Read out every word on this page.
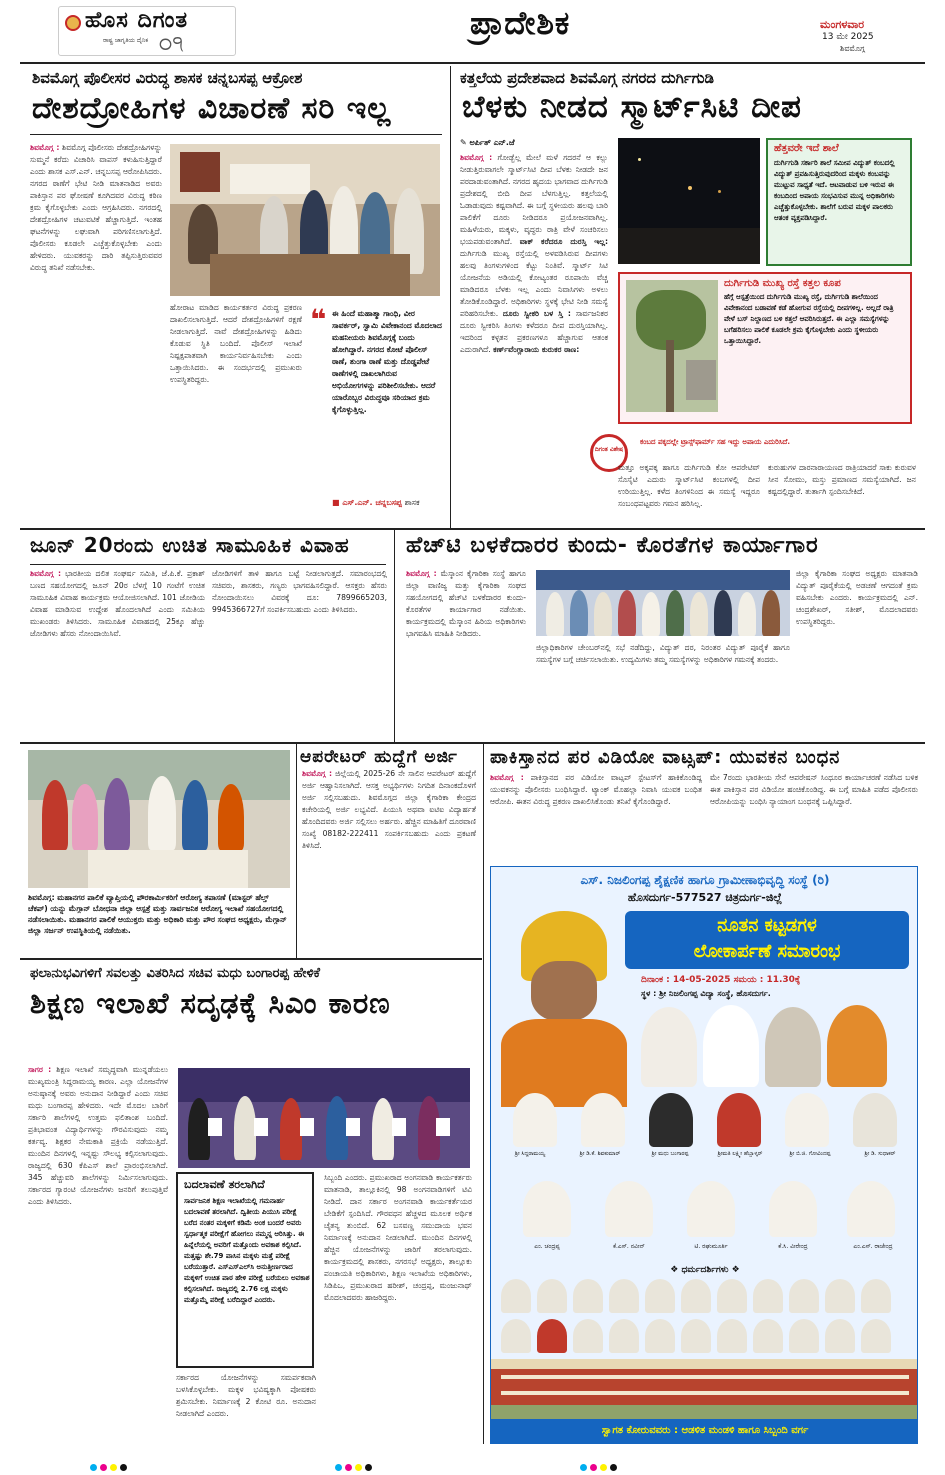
ಹೊಸ ದಿಗಂತ
ರಾಷ್ಟ್ರ ಜಾಗೃತಿಯ ದೈನಿಕ ੦੧
ಪ್ರಾದೇಶಿಕ	ಮಂಗಳವಾರ
13 ಮೇ 2025
ಶಿವಮೊಗ್ಗ
ಶಿವಮೊಗ್ಗ ಪೊಲೀಸರ ವಿರುದ್ಧ ಶಾಸಕ ಚನ್ನಬಸಪ್ಪ ಆಕ್ರೋಶ
ದೇಶದ್ರೋಹಿಗಳ ವಿಚಾರಣೆ ಸರಿ ಇಲ್ಲ
ಶಿವಮೊಗ್ಗ : ಶಿವಮೊಗ್ಗ ಪೊಲೀಸರು ದೇಶದ್ರೋಹಿಗಳನ್ನು ಸುಮ್ಮನೆ ಕರೆದು ವಿಚಾರಿಸಿ ವಾಪಸ್ ಕಳುಹಿಸುತ್ತಿದ್ದಾರೆ ಎಂದು ಶಾಸಕ ಎಸ್.ಎನ್. ಚನ್ನಬಸಪ್ಪ ಆರೋಪಿಸಿದರು. ನಗರದ ಠಾಣೆಗೆ ಭೇಟಿ ನೀಡಿ ಮಾತನಾಡಿದ ಅವರು ಪಾಕಿಸ್ತಾನ ಪರ ಘೋಷಣೆ ಕೂಗಿದವರ ವಿರುದ್ಧ ಕಠಿಣ ಕ್ರಮ ಕೈಗೊಳ್ಳಬೇಕು ಎಂದು ಆಗ್ರಹಿಸಿದರು. ನಗರದಲ್ಲಿ ದೇಶದ್ರೋಹಿಗಳ ಚಟುವಟಿಕೆ ಹೆಚ್ಚಾಗುತ್ತಿದೆ. ಇಂತಹ ಘಟನೆಗಳನ್ನು ಲಘುವಾಗಿ ಪರಿಗಣಿಸಲಾಗುತ್ತಿದೆ. ಪೊಲೀಸರು ಕೂಡಲೇ ಎಚ್ಚೆತ್ತುಕೊಳ್ಳಬೇಕು ಎಂದು ಹೇಳಿದರು. ಯುವಕರನ್ನು ದಾರಿ ತಪ್ಪಿಸುತ್ತಿರುವವರ ವಿರುದ್ಧ ತನಿಖೆ ನಡೆಸಬೇಕು.
ಹೋರಾಟ ಮಾಡಿದ ಕಾರ್ಯಕರ್ತರ ವಿರುದ್ಧ ಪ್ರಕರಣ ದಾಖಲಿಸಲಾಗುತ್ತಿದೆ. ಆದರೆ ದೇಶದ್ರೋಹಿಗಳಿಗೆ ರಕ್ಷಣೆ ನೀಡಲಾಗುತ್ತಿದೆ. ನಾವೆ ದೇಶದ್ರೋಹಿಗಳನ್ನು ಹಿಡಿದು ಕೊಡುವ ಸ್ಥಿತಿ ಬಂದಿದೆ. ಪೊಲೀಸ್ ಇಲಾಖೆ ನಿಷ್ಪಕ್ಷಪಾತವಾಗಿ ಕಾರ್ಯನಿರ್ವಹಿಸಬೇಕು ಎಂದು ಒತ್ತಾಯಿಸಿದರು. ಈ ಸಂದರ್ಭದಲ್ಲಿ ಪ್ರಮುಖರು ಉಪಸ್ಥಿತರಿದ್ದರು.
❝ ಈ ಹಿಂದೆ ಮಹಾತ್ಮಾ ಗಾಂಧಿ, ವೀರ ಸಾವರ್ಕರ್, ಸ್ವಾಮಿ ವಿವೇಕಾನಂದ ಮೊದಲಾದ ಮಹನೀಯರು ಶಿವಮೊಗ್ಗಕ್ಕೆ ಬಂದು ಹೋಗಿದ್ದಾರೆ. ನಗರದ ಕೋಟೆ ಪೊಲೀಸ್ ಠಾಣೆ, ತುಂಗಾ ಠಾಣೆ ಮತ್ತು ದೊಡ್ಡಪೇಟೆ ಠಾಣೆಗಳಲ್ಲಿ ದಾಖಲಾಗಿರುವ ಅಭಿಯೋಗಗಳನ್ನು ಪರಿಶೀಲಿಸಬೇಕು. ಆದರೆ ಯಾರೊಬ್ಬರ ವಿರುದ್ಧವೂ ಸರಿಯಾದ ಕ್ರಮ ಕೈಗೊಳ್ಳುತ್ತಿಲ್ಲ.
■ ಎಸ್.ಎನ್. ಚನ್ನಬಸಪ್ಪ ಶಾಸಕ
ಕತ್ತಲೆಯ ಪ್ರದೇಶವಾದ ಶಿವಮೊಗ್ಗ ನಗರದ ದುರ್ಗಿಗುಡಿ
ಬೆಳಕು ನೀಡದ ಸ್ಮಾರ್ಟ್‌ಸಿಟಿ ದೀಪ
✎ ಅರ್ಪಿತ್ ಎನ್.ಜೆ
ಶಿವಮೊಗ್ಗ : ಗೋಡ್ಬೆಲ್ಲ ಮೇಲೆ ಮಳೆ ಗದರನೆ ಆ ಕಲ್ಲು ನೀಡುತ್ತಿರುವಾಗಲೇ ಸ್ಮಾರ್ಟ್‌ಸಿಟಿ ದೀಪ ಬೆಳಕು ನೀಡದೇ ಜನ ಪರದಾಡುವಂತಾಗಿದೆ. ನಗರದ ಹೃದಯ ಭಾಗವಾದ ದುರ್ಗಿಗುಡಿ ಪ್ರದೇಶದಲ್ಲಿ ಬೀದಿ ದೀಪ ಬೆಳಗುತ್ತಿಲ್ಲ. ಕತ್ತಲೆಯಲ್ಲಿ ಓಡಾಡುವುದು ಕಷ್ಟವಾಗಿದೆ. ಈ ಬಗ್ಗೆ ಸ್ಥಳೀಯರು ಹಲವು ಬಾರಿ ಪಾಲಿಕೆಗೆ ದೂರು ನೀಡಿದರೂ ಪ್ರಯೋಜನವಾಗಿಲ್ಲ. ಮಹಿಳೆಯರು, ಮಕ್ಕಳು, ವೃದ್ಧರು ರಾತ್ರಿ ವೇಳೆ ಸಂಚರಿಸಲು ಭಯಪಡುವಂತಾಗಿದೆ. ವಾಕ್ ಕರೆದರೂ ದುರಸ್ತಿ ಇಲ್ಲ: ದುರ್ಗಿಗುಡಿ ಮುಖ್ಯ ರಸ್ತೆಯಲ್ಲಿ ಅಳವಡಿಸಿರುವ ದೀಪಗಳು ಹಲವು ತಿಂಗಳುಗಳಿಂದ ಕೆಟ್ಟು ನಿಂತಿವೆ. ಸ್ಮಾರ್ಟ್ ಸಿಟಿ ಯೋಜನೆಯ ಅಡಿಯಲ್ಲಿ ಕೋಟ್ಯಂತರ ರೂಪಾಯಿ ವೆಚ್ಚ ಮಾಡಿದರೂ ಬೆಳಕು ಇಲ್ಲ ಎಂದು ನಿವಾಸಿಗಳು ಅಳಲು ತೋಡಿಕೊಂಡಿದ್ದಾರೆ. ಅಧಿಕಾರಿಗಳು ಸ್ಥಳಕ್ಕೆ ಭೇಟಿ ನೀಡಿ ಸಮಸ್ಯೆ ಪರಿಹರಿಸಬೇಕು. ದೂರು ಸ್ವೀಕರಿ ಬಳ ಸ್ತಿ : ಸಾರ್ವಜನಿಕರ ದೂರು ಸ್ವೀಕರಿಸಿ ತಿಂಗಳು ಕಳೆದರೂ ದೀಪ ದುರಸ್ತಿಯಾಗಿಲ್ಲ. ಇದರಿಂದ ಕಳ್ಳತನ ಪ್ರಕರಣಗಳೂ ಹೆಚ್ಚಾಗುವ ಆತಂಕ ಎದುರಾಗಿದೆ. ಕರ್ಣ್‌ವೆಂಗ್ಲಾರಾಯ ಕುರುಕರ ಠಾಣ:
ಹೆತ್ತವರೇ ಇದೆ ಶಾಲೆ
ದುರ್ಗಿಗುಡಿ ಸರ್ಕಾರಿ ಶಾಲೆ ಸಮೀಪ ವಿದ್ಯುತ್ ಕಂಬದಲ್ಲಿ ವಿದ್ಯುತ್ ಪ್ರವಹಿಸುತ್ತಿರುವುದರಿಂದ ಮಕ್ಕಳು ಕಂಬವನ್ನು ಮುಟ್ಟುವ ಸಾಧ್ಯತೆ ಇದೆ. ಆಟವಾಡುವ ಬಳಿ ಇರುವ ಈ ಕಂಬದಿಂದ ಅಪಾಯ ಸಂಭವಿಸುವ ಮುನ್ನ ಅಧಿಕಾರಿಗಳು ಎಚ್ಚೆತ್ತುಕೊಳ್ಳಬೇಕು. ಶಾಲೆಗೆ ಬರುವ ಮಕ್ಕಳ ಪಾಲಕರು ಆತಂಕ ವ್ಯಕ್ತಪಡಿಸಿದ್ದಾರೆ.
ದುರ್ಗಿಗುಡಿ ಮುಖ್ಯ ರಸ್ತೆ ಕತ್ತಲ ಕೂಪ
ಹೆಗ್ಗೆ ಆಸ್ಪತ್ರೆಯಿಂದ ದುರ್ಗಿಗುಡಿ ಮುಖ್ಯ ರಸ್ತೆ, ದುರ್ಗಿಗುಡಿ ಶಾಲೆಯಿಂದ ವಿವೇಕಾನಂದ ಬಡಾವಣೆ ಕಡೆ ಹೋಗುವ ರಸ್ತೆಯಲ್ಲಿ ದೀಪಗಳಿಲ್ಲ. ಅಲ್ಲದೆ ರಾತ್ರಿ ವೇಳೆ ಬಸ್ ನಿಲ್ದಾಣದ ಬಳಿ ಕತ್ತಲೆ ಆವರಿಸಿರುತ್ತದೆ. ಈ ಎಲ್ಲಾ ಸಮಸ್ಯೆಗಳನ್ನು ಬಗೆಹರಿಸಲು ಪಾಲಿಕೆ ಕೂಡಲೇ ಕ್ರಮ ಕೈಗೊಳ್ಳಬೇಕು ಎಂದು ಸ್ಥಳೀಯರು ಒತ್ತಾಯಿಸಿದ್ದಾರೆ.
ದಿಗಂತ ವಿಶೇಷ
ಕಂಬದ ಪಕ್ಕದಲ್ಲೇ ಟ್ರಾನ್ಸ್‌ಫಾರ್ಮ್ ಸಹ ಇದ್ದು ಅಪಾಯ ಎದುರಿಸಿದೆ.
ಮತ್ತೂ ಅಕ್ಕಪಕ್ಕ ಹಾಗೂ ದುರ್ಗಿಗುಡಿ ಕೋ ಆಪರೇಟಿವ್ ಸೊಸೈಟಿ ಎದುರು ಸ್ಮಾರ್ಟ್‌ಸಿಟಿ ಕಂಬಗಳಲ್ಲಿ ದೀಪ ಉರಿಯುತ್ತಿಲ್ಲ. ಕಳೆದ ತಿಂಗಳಿನಿಂದ ಈ ಸಮಸ್ಯೆ ಇದ್ದರೂ ಸಂಬಂಧಪಟ್ಟವರು ಗಮನ ಹರಿಸಿಲ್ಲ.
ಕುರುಹುಗಳ ದಾರನಾರಾಯಣದ ರಾತ್ರಿಯಾದರೆ ಸಾಕು ಕುರುವಳ ಸೀನ ಸೋಮು, ಮಸ್ತು ಪ್ರಮಾಣದ ಸಮಸ್ಯೆಯಾಗಿದೆ. ಜನ ಕಷ್ಟದಲ್ಲಿದ್ದಾರೆ. ತುರ್ತಾಗಿ ಸ್ಪಂದಿಸಬೇಕಿದೆ.
ಜೂನ್ 20ರಂದು ಉಚಿತ ಸಾಮೂಹಿಕ ವಿವಾಹ
ಶಿವಮೊಗ್ಗ : ಭಾರತೀಯ ದಲಿತ ಸಂಘರ್ಷ ಸಮಿತಿ, ಜೆ.ಪಿ.ಕೆ. ಪ್ರಕಾಶ್ ಬಣದ ಸಹಯೋಗದಲ್ಲಿ ಜೂನ್ 20ರ ಬೆಳಗ್ಗೆ 10 ಗಂಟೆಗೆ ಉಚಿತ ಸಾಮೂಹಿಕ ವಿವಾಹ ಕಾರ್ಯಕ್ರಮ ಆಯೋಜಿಸಲಾಗಿದೆ. 101 ಜೋಡಿಯ ವಿವಾಹ ಮಾಡಿಸುವ ಉದ್ದೇಶ ಹೊಂದಲಾಗಿದೆ ಎಂದು ಸಮಿತಿಯ ಮುಖಂಡರು ತಿಳಿಸಿದರು. ಸಾಮೂಹಿಕ ವಿವಾಹದಲ್ಲಿ 25ಕ್ಕೂ ಹೆಚ್ಚು ಜೋಡಿಗಳು ಹೆಸರು ನೋಂದಾಯಿಸಿವೆ.
ಜೋಡಿಗಳಿಗೆ ತಾಳಿ ಹಾಗೂ ಬಟ್ಟೆ ನೀಡಲಾಗುತ್ತದೆ. ಸಮಾರಂಭದಲ್ಲಿ ಸಚಿವರು, ಶಾಸಕರು, ಗಣ್ಯರು ಭಾಗವಹಿಸಲಿದ್ದಾರೆ. ಆಸಕ್ತರು ಹೆಸರು ನೋಂದಾಯಿಸಲು ವಿವರಕ್ಕೆ ದೂ: 7899665203, 9945366727ಗೆ ಸಂಪರ್ಕಿಸಬಹುದು ಎಂದು ತಿಳಿಸಿದರು.
ಹೆಚ್‌ಟಿ ಬಳಕೆದಾರರ ಕುಂದು- ಕೊರತೆಗಳ ಕಾರ್ಯಾಗಾರ
ಶಿವಮೊಗ್ಗ : ಮೆಸ್ಕಾಂನ ಕೈಗಾರಿಕಾ ಸಂಸ್ಥೆ ಹಾಗೂ ಜಿಲ್ಲಾ ವಾಣಿಜ್ಯ ಮತ್ತು ಕೈಗಾರಿಕಾ ಸಂಘದ ಸಹಯೋಗದಲ್ಲಿ ಹೆಚ್‌ಟಿ ಬಳಕೆದಾರರ ಕುಂದು- ಕೊರತೆಗಳ ಕಾರ್ಯಾಗಾರ ನಡೆಯಿತು. ಕಾರ್ಯಕ್ರಮದಲ್ಲಿ ಮೆಸ್ಕಾಂನ ಹಿರಿಯ ಅಧಿಕಾರಿಗಳು ಭಾಗವಹಿಸಿ ಮಾಹಿತಿ ನೀಡಿದರು.
ಜಿಲ್ಲಾಧಿಕಾರಿಗಳ ಚೇಂಬರ್‌ನಲ್ಲಿ ಸಭೆ ನಡೆದಿದ್ದು, ವಿದ್ಯುತ್ ದರ, ನಿರಂತರ ವಿದ್ಯುತ್ ಪೂರೈಕೆ ಹಾಗೂ ಸಮಸ್ಯೆಗಳ ಬಗ್ಗೆ ಚರ್ಚಿಸಲಾಯಿತು. ಉದ್ಯಮಿಗಳು ತಮ್ಮ ಸಮಸ್ಯೆಗಳನ್ನು ಅಧಿಕಾರಿಗಳ ಗಮನಕ್ಕೆ ತಂದರು.
ಜಿಲ್ಲಾ ಕೈಗಾರಿಕಾ ಸಂಘದ ಅಧ್ಯಕ್ಷರು ಮಾತನಾಡಿ ವಿದ್ಯುತ್ ಪೂರೈಕೆಯಲ್ಲಿ ಅಡಚಣೆ ಆಗದಂತೆ ಕ್ರಮ ವಹಿಸಬೇಕು ಎಂದರು. ಕಾರ್ಯಕ್ರಮದಲ್ಲಿ ಎನ್. ಚಂದ್ರಶೇಖರ್, ಸತೀಶ್, ಮೊದಲಾದವರು ಉಪಸ್ಥಿತರಿದ್ದರು.
ಶಿವಮೊಗ್ಗ: ಮಹಾನಗರ ಪಾಲಿಕೆ ವ್ಯಾಪ್ತಿಯಲ್ಲಿ ಪೌರಕಾರ್ಮಿಕರಿಗೆ ಆರೋಗ್ಯ ತಪಾಸಣೆ (ಮಾಸ್ಟರ್ ಹೆಲ್ತ್ ಚೆಕಪ್) ಯನ್ನು ಮೆಗ್ಗಾನ್ ಬೋಧನಾ ಜಿಲ್ಲಾ ಆಸ್ಪತ್ರೆ ಮತ್ತು ಸಾರ್ವಜನಿಕ ಆರೋಗ್ಯ ಇಲಾಖೆ ಸಹಯೋಗದಲ್ಲಿ ನಡೆಸಲಾಯಿತು. ಮಹಾನಗರ ಪಾಲಿಕೆ ಆಯುಕ್ತರು ಮತ್ತು ಅಧಿಕಾರಿ ಮತ್ತು ಪೌರ ಸಂಘದ ಅಧ್ಯಕ್ಷರು, ಮೆಗ್ಗಾನ್ ಜಿಲ್ಲಾ ಸರ್ಜನ್ ಉಪಸ್ಥಿತಿಯಲ್ಲಿ ನಡೆಯಿತು.
ಆಪರೇಟರ್ ಹುದ್ದೆಗೆ ಅರ್ಜಿ
ಶಿವಮೊಗ್ಗ : ಜಿಲ್ಲೆಯಲ್ಲಿ 2025-26 ನೇ ಸಾಲಿನ ಆಪರೇಟರ್ ಹುದ್ದೆಗೆ ಅರ್ಜಿ ಆಹ್ವಾನಿಸಲಾಗಿದೆ. ಆಸಕ್ತ ಅಭ್ಯರ್ಥಿಗಳು ನಿಗದಿತ ದಿನಾಂಕದೊಳಗೆ ಅರ್ಜಿ ಸಲ್ಲಿಸಬಹುದು. ಶಿವಮೊಗ್ಗದ ಜಿಲ್ಲಾ ಕೈಗಾರಿಕಾ ಕೇಂದ್ರದ ಕಚೇರಿಯಲ್ಲಿ ಅರ್ಜಿ ಲಭ್ಯವಿದೆ. ಪಿಯುಸಿ ಅಥವಾ ಐಟಿಐ ವಿದ್ಯಾರ್ಹತೆ ಹೊಂದಿದವರು ಅರ್ಜಿ ಸಲ್ಲಿಸಲು ಅರ್ಹರು. ಹೆಚ್ಚಿನ ಮಾಹಿತಿಗೆ ದೂರವಾಣಿ ಸಂಖ್ಯೆ 08182-222411 ಸಂಪರ್ಕಿಸಬಹುದು ಎಂದು ಪ್ರಕಟಣೆ ತಿಳಿಸಿದೆ.
ಪಾಕಿಸ್ತಾನದ ಪರ ವಿಡಿಯೋ ವಾಟ್ಸಪ್: ಯುವಕನ ಬಂಧನ
ಶಿವಮೊಗ್ಗ : ಪಾಕಿಸ್ತಾನದ ಪರ ವಿಡಿಯೋ ವಾಟ್ಸಪ್ ಸ್ಟೇಟಸ್‌ಗೆ ಹಾಕಿಕೊಂಡಿದ್ದ ಯುವಕನನ್ನು ಪೊಲೀಸರು ಬಂಧಿಸಿದ್ದಾರೆ. ಟ್ಯಾಂಕ್ ಮೊಹಲ್ಲಾ ನಿವಾಸಿ ಯುವಕ ಬಂಧಿತ ಆರೋಪಿ. ಈತನ ವಿರುದ್ಧ ಪ್ರಕರಣ ದಾಖಲಿಸಿಕೊಂಡು ತನಿಖೆ ಕೈಗೊಂಡಿದ್ದಾರೆ.
ಮೇ 7ರಂದು ಭಾರತೀಯ ಸೇನೆ ಆಪರೇಷನ್ ಸಿಂಧೂರ ಕಾರ್ಯಾಚರಣೆ ನಡೆಸಿದ ಬಳಿಕ ಈತ ಪಾಕಿಸ್ತಾನ ಪರ ವಿಡಿಯೋ ಹಂಚಿಕೊಂಡಿದ್ದ. ಈ ಬಗ್ಗೆ ಮಾಹಿತಿ ಪಡೆದ ಪೊಲೀಸರು ಆರೋಪಿಯನ್ನು ಬಂಧಿಸಿ ನ್ಯಾಯಾಂಗ ಬಂಧನಕ್ಕೆ ಒಪ್ಪಿಸಿದ್ದಾರೆ.
ಫಲಾನುಭವಿಗಳಿಗೆ ಸವಲತ್ತು ವಿತರಿಸಿದ ಸಚಿವ ಮಧು ಬಂಗಾರಪ್ಪ ಹೇಳಿಕೆ
ಶಿಕ್ಷಣ ಇಲಾಖೆ ಸದೃಢಕ್ಕೆ ಸಿಎಂ ಕಾರಣ
ಸಾಗರ : ಶಿಕ್ಷಣ ಇಲಾಖೆ ಸಮೃದ್ಧವಾಗಿ ಮುನ್ನಡೆಯಲು ಮುಖ್ಯಮಂತ್ರಿ ಸಿದ್ದರಾಮಯ್ಯ ಕಾರಣ. ಎಲ್ಲಾ ಯೋಜನೆಗಳ ಅನುಷ್ಠಾನಕ್ಕೆ ಅವರು ಅನುದಾನ ನೀಡಿದ್ದಾರೆ ಎಂದು ಸಚಿವ ಮಧು ಬಂಗಾರಪ್ಪ ಹೇಳಿದರು. ಇದೇ ಮೊದಲ ಬಾರಿಗೆ ಸರ್ಕಾರಿ ಶಾಲೆಗಳಲ್ಲಿ ಉತ್ತಮ ಫಲಿತಾಂಶ ಬಂದಿದೆ. ಪ್ರತಿಭಾವಂತ ವಿದ್ಯಾರ್ಥಿಗಳನ್ನು ಗೌರವಿಸುವುದು ನಮ್ಮ ಕರ್ತವ್ಯ. ಶಿಕ್ಷಕರ ನೇಮಕಾತಿ ಪ್ರಕ್ರಿಯೆ ನಡೆಯುತ್ತಿದೆ. ಮುಂದಿನ ದಿನಗಳಲ್ಲಿ ಇನ್ನಷ್ಟು ಸೌಲಭ್ಯ ಕಲ್ಪಿಸಲಾಗುವುದು. ರಾಜ್ಯದಲ್ಲಿ 630 ಕೆಪಿಎಸ್ ಶಾಲೆ ಪ್ರಾರಂಭಿಸಲಾಗಿದೆ. 345 ಹೆಚ್ಚುವರಿ ಶಾಲೆಗಳನ್ನು ನಿರ್ಮಿಸಲಾಗುವುದು. ಸರ್ಕಾರದ ಗ್ಯಾರಂಟಿ ಯೋಜನೆಗಳು ಜನರಿಗೆ ತಲುಪುತ್ತಿವೆ ಎಂದು ತಿಳಿಸಿದರು.
ಬದಲಾವಣೆ ತರಲಾಗಿದೆ
ಸಾರ್ವಜನಿಕ ಶಿಕ್ಷಣ ಇಲಾಖೆಯಲ್ಲಿ ಗಮನಾರ್ಹ ಬದಲಾವಣೆ ತರಲಾಗಿದೆ. ದ್ವಿತೀಯ ಪಿಯುಸಿ ಪರೀಕ್ಷೆ ಬರೆದ ನಂತರ ಮಕ್ಕಳಿಗೆ ಕಡಿಮೆ ಅಂಕ ಬಂದರೆ ಅವರು ಸ್ವರ್ಧಾತ್ಮಕ ಪರೀಕ್ಷೆಗೆ ಹೋಗಲು ನಮ್ಮನ್ನ ಆರಿಸಿತ್ತು. ಈ ಹಿನ್ನೆಲೆಯಲ್ಲಿ ಅವರಿಗೆ ಮತ್ತೊಂದು ಅವಕಾಶ ಕಲ್ಪಿಸಿದೆ. ಮತ್ತಷ್ಟು ಶೇ.79 ಪಾಸಿನ ಮಕ್ಕಳು ಮತ್ತೆ ಪರೀಕ್ಷೆ ಬರೆಯುತ್ತಾರೆ. ಎಸ್‌ಎಸ್‌ಎಲ್‌ಸಿ ಅನುತ್ತೀರ್ಣರಾದ ಮಕ್ಕಳಿಗೆ ಉಚಿತ ಪಾಠ ಹೇಳಿ ಪರೀಕ್ಷೆ ಬರೆಯಲು ಅವಕಾಶ ಕಲ್ಪಿಸಲಾಗಿದೆ. ರಾಜ್ಯದಲ್ಲಿ 2.76 ಲಕ್ಷ ಮಕ್ಕಳು ಮತ್ತೊಮ್ಮೆ ಪರೀಕ್ಷೆ ಬರೆದಿದ್ದಾರೆ ಎಂದರು.
ಸರ್ಕಾರದ ಯೋಜನೆಗಳನ್ನು ಸಮರ್ಪಕವಾಗಿ ಬಳಸಿಕೊಳ್ಳಬೇಕು. ಮಕ್ಕಳ ಭವಿಷ್ಯಕ್ಕಾಗಿ ಪೋಷಕರು ಶ್ರಮಿಸಬೇಕು. ನಿರ್ಮಾಣಕ್ಕೆ 2 ಕೋಟಿ ರೂ. ಅನುದಾನ ನೀಡಲಾಗಿದೆ ಎಂದರು.
ಸಿಬ್ಬಂದಿ ಎಂದರು. ಪ್ರಮುಖರಾದ ಅಂಗನವಾಡಿ ಕಾರ್ಯಕರ್ತರು ಮಾತನಾಡಿ, ತಾಲ್ಲೂಕಿನಲ್ಲಿ 98 ಅಂಗನವಾಡಿಗಳಿಗೆ ಟಿವಿ ನೀಡಿದೆ. ದಾನ ಸರ್ಕಾರ ಅಂಗನವಾಡಿ ಕಾರ್ಯಕರ್ತೆಯರ ಬೇಡಿಕೆಗೆ ಸ್ಪಂದಿಸಿದೆ. ಗೌರವಧನ ಹೆಚ್ಚಳದ ಮೂಲಕ ಅರ್ಥಿಕ ಚೈತನ್ಯ ತುಂಬಿದೆ. 62 ಬಸವಣ್ಣ ಸಮುದಾಯ ಭವನ ನಿರ್ಮಾಣಕ್ಕೆ ಅನುದಾನ ನೀಡಲಾಗಿದೆ. ಮುಂದಿನ ದಿನಗಳಲ್ಲಿ ಹೆಚ್ಚಿನ ಯೋಜನೆಗಳನ್ನು ಜಾರಿಗೆ ತರಲಾಗುವುದು. ಕಾರ್ಯಕ್ರಮದಲ್ಲಿ ಶಾಸಕರು, ನಗರಸಭೆ ಅಧ್ಯಕ್ಷರು, ತಾಲ್ಲೂಕು ಪಂಚಾಯತಿ ಅಧಿಕಾರಿಗಳು, ಶಿಕ್ಷಣ ಇಲಾಖೆಯ ಅಧಿಕಾರಿಗಳು, ಸಿಡಿಪಿಒ, ಪ್ರಮುಖರಾದ ಹರೀಶ್, ಚಂದ್ರಪ್ಪ, ಮಂಜುನಾಥ್ ಮೊದಲಾದವರು ಹಾಜರಿದ್ದರು.
ಎಸ್. ನಿಜಲಿಂಗಪ್ಪ ಶೈಕ್ಷಣಿಕ ಹಾಗೂ ಗ್ರಾಮೀಣಾಭಿವೃದ್ಧಿ ಸಂಸ್ಥೆ (ರಿ)
ಹೊಸದುರ್ಗ-577527 ಚಿತ್ರದುರ್ಗ-ಜಿಲ್ಲೆ
ನೂತನ ಕಟ್ಟಡಗಳ
ಲೋಕಾರ್ಪಣೆ ಸಮಾರಂಭ
ದಿನಾಂಕ : 14-05-2025 ಸಮಯ : 11.30ಕ್ಕೆ
ಸ್ಥಳ : ಶ್ರೀ ನಿಜಲಿಂಗಪ್ಪ ವಿದ್ಯಾ ಸಂಸ್ಥೆ, ಹೊಸದುರ್ಗ.
ಶ್ರೀ ಸಿದ್ದರಾಮಯ್ಯ	ಶ್ರೀ ಡಿ.ಕೆ. ಶಿವಕುಮಾರ್	ಶ್ರೀ ಮಧು ಬಂಗಾರಪ್ಪ	ಶ್ರೀಮತಿ ಲಕ್ಷ್ಮೀ ಹೆಬ್ಬಾಳ್ಕರ್	ಶ್ರೀ ಬಿ.ಜಿ. ಗೋವಿಂದಪ್ಪ	ಶ್ರೀ ಡಿ. ಸುಧಾಕರ್
ಎಂ. ಚಂದ್ರಪ್ಪ	ಕೆ.ಎಸ್. ನವೀನ್	ಟಿ. ರಘುಮೂರ್ತಿ	ಕೆ.ಸಿ. ವೀರೇಂದ್ರ	ಎಂ.ಎಸ್. ರಾಜೇಂದ್ರ
❖ ಧರ್ಮದರ್ಶಿಗಳು ❖
ಸ್ವಾಗತ ಕೋರುವವರು : ಆಡಳಿತ ಮಂಡಳಿ ಹಾಗೂ ಸಿಬ್ಬಂದಿ ವರ್ಗ
